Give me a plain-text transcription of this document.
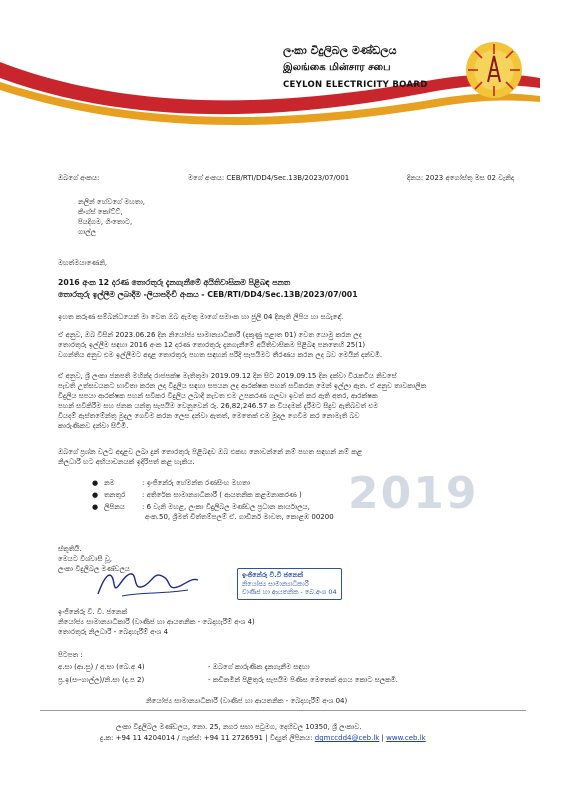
ලංකා විදුලිබල මණ්ඩලය
இலங்கை மின்சார சபை
CEYLON ELECTRICITY BOARD
ඔබගේ අංකය:	මගේ අංකය: CEB/RTI/DD4/Sec.13B/2023/07/001	දිනය: 2023 අගෝස්තු මස 02 වැනිදා
නලින් හේවගේ මහතා,
කිංග්ස් කෝට්ට්,
පියදිගම, ගිංතොට,
ගාල්ල
මහත්මයාණෙනි,
2016 අංක 12 දරණ තොරතුරු දැනගැනීමේ අයිතිවාසිකම පිළිබඳ පනත
තොරතුරු ඉල්ලීම ලබාදීම -ලියාපදිංචි අංකය - CEB/RTI/DD4/Sec.13B/2023/07/001
2019
ඉහත කරුණ සම්බන්ධයෙන් මා වෙත ඔබ ඇමතූ මාගේ සමාංක හා ජුලි 04 දිනැති ලිපිය හා සබැඳේ.
ඒ අනුව, ඔබ විසින් 2023.06.26 දින නියෝජ්‍ය සාමාන්‍යාධිකාරී (දකුණු පළාත 01) වෙත යොමු කරන ලද
තොරතුරු ඉල්ලීම සඳහා 2016 අංක 12 දරණ තොරතුරු දැනගැනීමේ අයිතිවාසිකම පිළිබඳ පනතෙහි 25(1)
වගන්තිය අනුව එම ඉල්ලීමට අදාළ තොරතුරු පහත සඳහන් පරිදි සැපයීමට තීරණය කරන ලද බව මෙයින් දන්වමි.
ඒ අනුව, ශ්‍රී ලංකා ජනපති මහින්ද රාජපක්ෂ මැතිතුමා 2019.09.12 දින සිට 2019.09.15 දින දක්වා විරැකටිය නිවසේ
පැවති උත්සවයකට භාවිතා කරන ලද විදුලිය සඳහා සපයන ලද ආරක්ෂක පහන් සවිකරන මෙන් ඉල්ලා ඇත. ඒ අනුව තාවකාලික
විදුලිය සපයා ආරක්ෂක පහන් සවිකර විදුලිය ලබාදී නැවත එම උපකරණ ගලවා ඉවත් කර ඇති අතර, ආරක්ෂක
පහන් සවිකිරීම සහ ජනක යන්ත්‍ර සැපයීම වෙනුවෙන් රු. 26,82,246.57 ක වියදමක් දැරීමට සිදුව ඇතිබවත් එම
වියදම් ඇස්තමේන්තු මුදල ගෙවීම කරන ලෙස දන්වා ඇතත්, මෙතෙක් එම මුදල ගෙවීම කර නොමැති බව
කාරුණිකව දන්වා සිටිමි.
ඔබගේ ප්‍රශ්න වලට අදාළව ලබා දුන් තොරතුරු පිළිබඳව ඔබ එකඟ නොවන්නේ නම් පහත සඳහන් නම් කළ
නිලධාරී හට අභියාචනයක් ඉදිරිපත් කළ හැකිය.
● නම	: ඉංජිනේරු හේමන්ත රණසිංහ මහතා
● තනතුර	: අතිරේක සාමාන්‍යාධිකාරී ( ආයතනික කළමනාකරණ )
● ලිපිනය	: 6 වැනි මහළ, ලංකා විදුලිබල මණ්ඩල ප්‍රධාන කාර්යාලය,
අංක.50, ශ්‍රීමත් චිත්තම්පලම් ඒ. ගාඩිනර් මාවත, කොළඹ 00200
ස්තූතියි.
මෙයට විශ්වාසී වූ,
ලංකා විදුලිබල මණ්ඩලය
ඉංජිනේරු වී.වී ජනෙක්
නියෝජ්‍ය සාමාන්‍යාධිකාරී
වාණිජ හා ආයතනික - බෙ.අංශ 04
ඉංජිනේරු වී. වී. ජනෙක්
නියෝජ්‍ය සාමාන්‍යාධිකාරී (වාණිජ හා ආයතනික - බෙදාහැරීම් අංශ 4)
තොරතුරු නිලධාරී - බෙදාහැරීම් අංශ 4
පිටපත :
අ.සා (ආ.සු) / අ.සා (බෙ.අ 4)	- ඔබගේ කාරුණික දැනගැනීම සඳහා
ප්‍ර.ඉ(සං-ගාල්ල)/නි.සා (ද.ප 2)	- කඩිනමින් පිළිතුරු සැපයීම පිණිස මෙතෙක් අගය කොට සලකමි.
නියෝජ්‍ය සාමාන්‍යාධිකාරී (වාණිජ හා ආයතනික - බෙදාහැරීම් අංශ 04)
ලංකා විදුලිබල මණ්ඩලය, නො. 25, නගර සභා පටුමග, දෙහිවල 10350, ශ්‍රී ලංකාව.
දු.ක: +94 11 4204014 / ෆැක්ස්: +94 11 2726591 | විද්‍යුත් ලිපිනය: dgmccdd4@ceb.lk | www.ceb.lk
